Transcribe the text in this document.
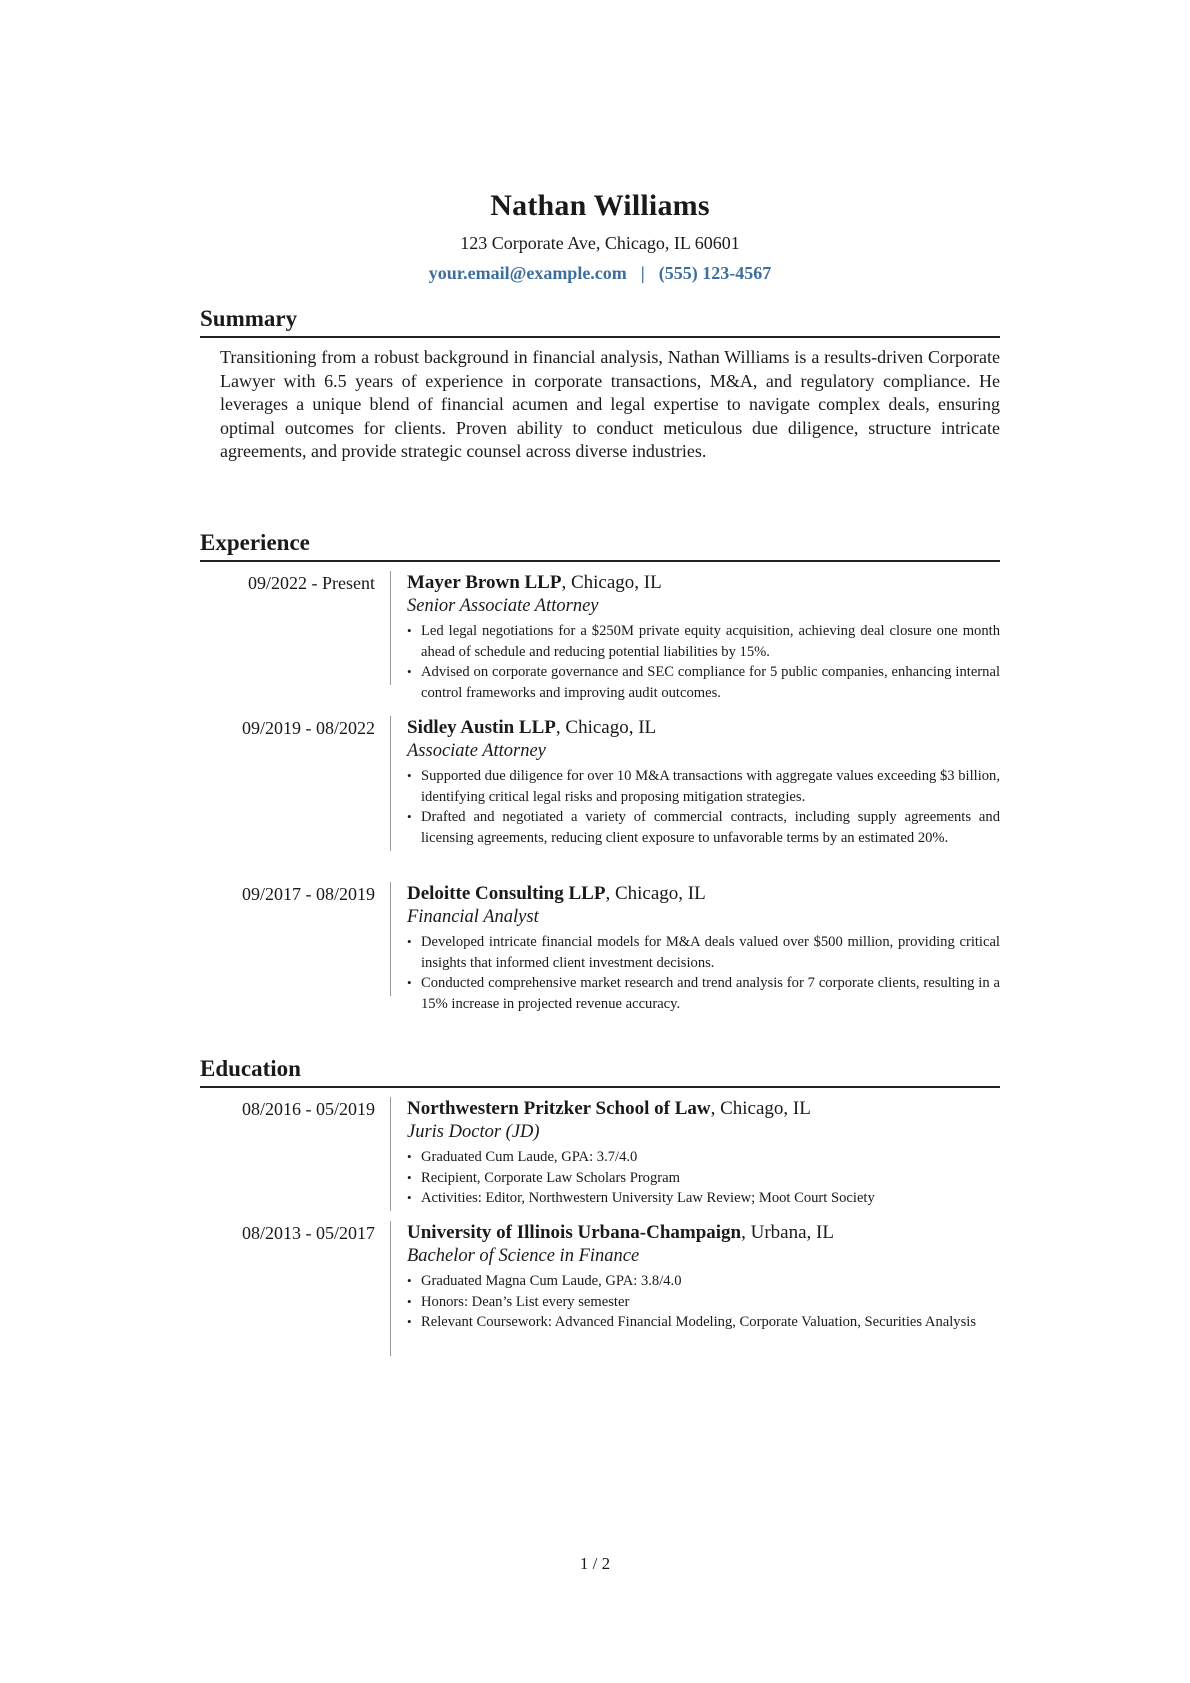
Nathan Williams
123 Corporate Ave, Chicago, IL 60601
your.email@example.com | (555) 123-4567
Summary

Transitioning from a robust background in financial analysis, Nathan Williams is a results-driven Corporate Lawyer with 6.5 years of experience in corporate transactions, M&A, and regulatory compliance. He leverages a unique blend of financial acumen and legal expertise to navigate complex deals, ensuring optimal outcomes for clients. Proven ability to conduct meticulous due diligence, structure intricate agreements, and provide strategic counsel across diverse industries.

Experience
09/2022 - Present Mayer Brown LLP, Chicago, IL
Senior Associate Attorney
• Led legal negotiations for a $250M private equity acquisition, achieving deal closure one month ahead of schedule and reducing potential liabilities by 15%.
• Advised on corporate governance and SEC compliance for 5 public companies, enhancing internal control frameworks and improving audit outcomes.
09/2019 - 08/2022 Sidley Austin LLP, Chicago, IL
Associate Attorney
• Supported due diligence for over 10 M&A transactions with aggregate values exceeding $3 billion, identifying critical legal risks and proposing mitigation strategies.
• Drafted and negotiated a variety of commercial contracts, including supply agreements and licensing agreements, reducing client exposure to unfavorable terms by an estimated 20%.
09/2017 - 08/2019 Deloitte Consulting LLP, Chicago, IL
Financial Analyst
• Developed intricate financial models for M&A deals valued over $500 million, providing critical insights that informed client investment decisions.
• Conducted comprehensive market research and trend analysis for 7 corporate clients, resulting in a 15% increase in projected revenue accuracy.
Education
08/2016 - 05/2019 Northwestern Pritzker School of Law, Chicago, IL
Juris Doctor (JD)
• Graduated Cum Laude, GPA: 3.7/4.0
• Recipient, Corporate Law Scholars Program
• Activities: Editor, Northwestern University Law Review; Moot Court Society
08/2013 - 05/2017 University of Illinois Urbana-Champaign, Urbana, IL
Bachelor of Science in Finance
• Graduated Magna Cum Laude, GPA: 3.8/4.0
• Honors: Dean’s List every semester
• Relevant Coursework: Advanced Financial Modeling, Corporate Valuation, Securities Analysis
1 / 2
